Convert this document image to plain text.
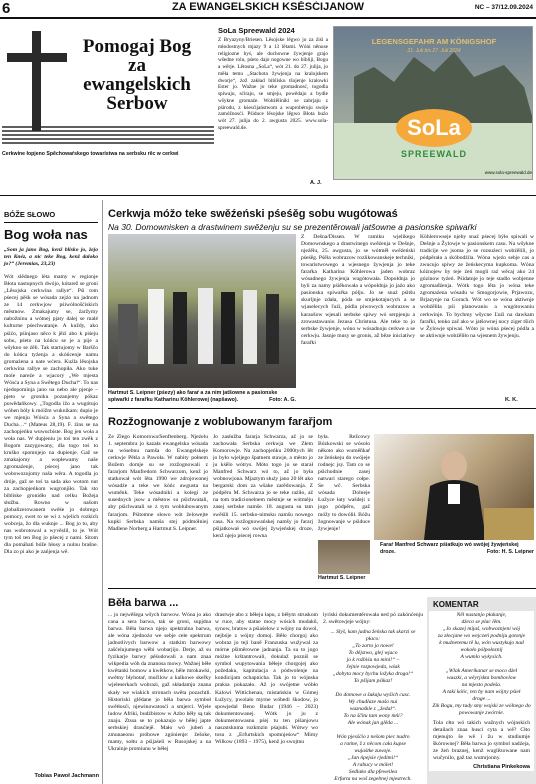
6	ZA EWANGELSKICH KSĚSĆIJANOW	NC – 37/12.09.2024
Pomogaj Bog
za
ewangelskich
Serbow
Cerkwine łopjeno Spěchowaŕskego towaristwa na serbsku rěc w cerkwi
SoLa Spreewald 2024
Z Bryazyny/Briesen. Lěsojske lěgwo jo za źiśi a młodostnych mjazy 9 a 13 lětami. Wóni něnuse religiozne byś, ale duchowne žywjenje grajo wšedne rolu, pśeto dajo nogowne wo bibliji, Bogu a wěrje. Lětosna „SoLa“, wót 21. do 27. julija, jo měła temu „Stachota žywjenja na kralojskem dworje“, źož zakład biblisku tšojenje kralowki Ester jo. Wažne jo teke gromadnosć, togodla spiwaju, sćiraju, se smjeju, powědaju a bydle wšykne gromaźe. Wobźěliniki se zabrjaju z pśirodu, z kśesćijaństwom a wuprobéruju swóje zamóžnosći. Pśiduce lěsojske lěgwo Błota buźo wót 27. julija do 2. awgusta 2025. www.sola-spreewald.de.
A. J.
LEGENSGEFAHR AM KÖNIGSHOF
21. Juli bis 27. Juli 2024
SoLa
SPREEWALD
www.sola-spreewald.de
BÓŽE SŁOWO
Bog woła nas
„Som ja jano Bog, kenž blisko jo, žejo ten Knéz, a nic teke Bog, kenž daloko jo?“ (Jeremias, 23,23)
Wót slědnego léta mamy w regionje Błota nastupnych dwójo, kótarež se groni „Lěsojska cerkwina rallye“. Pśi tom pśecej pěśk se wósada zejźo na jadnom ze 14 cerkwjow pśiwólnošćiskich městnow. Zmakajumy se, źaržymy nabožninu a wótnej pjaty dalej se malé kulturne pśechwatanje. A kuždy, ako pśiźo, pśinjaso něco k jěźi abo k piśeju sobu, pśeto na kóńcu se je a pije a wšykno se źěli. Tak startujomy w Barščo do kóńca tyźenja a skóńcenje namu gromaźena a nate wćera. Kuźla lěsojska cerkwina rallye se zachopiła. Ako tuke mole nareźe a wjacory „We mjesta Wósća a Syna a Swětego Ducha!“. To nas njedopominja jano na nebo ale pjenje – pjeto w groniku pozanjemy pókaz powědaňkowy. „Togodla ižo a wugótujo wóhen bóly k móižm wuknikam: dupio je we mjenju Wósća a Syna a swětego Ducha…“ (Mateus 28,19). F. źins se na zachopjeńku wuwucbiste. Bog jen woła a woła nas. W dupjeniu jo toś ten zwěk z Bogom zazygowany, dla togo toś to kruško spomnjejo na dupienje. Gaž se zmakajomy a wopłewamy naše zgromaźenje, pśecej jano tak wobowozujomy naša wěra. A togodla jo dróje, gaž se toś ta sada ako wotom nut za zachopjeńkom wugronjiło. Tak sto bibliske gronidło nad celku Božeja słužba. Rowno w našom globalizerowanem swěśe jo dobrego pomocy, swet to se wi z wjelich rozkich wobceja, žo dla wuknje ... Bog jo tu, aby nas wobrotowal a wyvěslil, to je. Wót tym toš ten Bog jo pšecej z nami. Sitom dla pomáhati bóže hłosy a nulnu brašne. Dla zo pi ako je zańjenja wě.
Tobias Pawoł Jachmann
Cerkwja móžo teke swěźeński pśeśěg sobu wugótowaś
Na 30. Domownisken a drastwinem swěźenju su se prezentěrowali jatšowne a pasionske spiwaŕki
Hartmut S. Leipner (pśezy) ako faraŕ a za nim jatšowne a pasionske spiwaŕki z farařku Katharinu Köhlerowej (napšawo).	Foto: A. G.
Z Dešna/Dissen. W ramiku wjelikego Domownskego a drastwinego swěźenja w Dešnje, njeźělu, 25. awgusta, jo se wótměł swěźeński pśeśěg. Pśěla wobrazow rozlikowanskeje techniki, towaristwowego a wjesnego žywjenja jo teke faraŕka Katharina Köhlerowa jaden wobraz wósadnego žywjenja wugótowała. Dopołdnja jo byli za namy pśiěkowała a wópołdnja jo jaźo ako pasionska spiwaŕka pólju. Jo se snaź pśitšu skurljnje zdała, póda se smjekotajucych a se wjaselecych ľuźi, pódla piwowych wobrazow a karaošow wjesali serbske spiwy wó serpjenju a zrowastawaniu Jezusa Christusa. Ale teke to jo serbske žywjenje, wóno w wósadnoju cerkwe a se cerkwju. Jasnje musy se gronis, až běze iniciatiwy farařki
Köhlerowseje njeby snaź pśecej býło spiwali w Dešnje a Žylowje w pasionskem casu. Na wšykne tradicije we jsoma jo se rozsuźeci wobźělili, jo pódpěrała a skóbodźila. Wóna wjeźo sebje cas a zwucujo spiwy ze žeńskecyma kupkoma. Wóna kóżnojew by teje źeń mogli raź wěcaj ako 24 gózinow tyźeń. Pśidatnje jo teje stadlo wobjenne zgromađźenja. Wótk togo lěta jo wóna teke zgromaźena wósadu w Smogorjowie, Prjawozu, Brjazynje na Gorach. Wót wo se wóna aktiwnje wobźěliła pśi planowaniu a wugótowaniu cerkwinje. To bychmy wšycne Ľuźi na dawkam farařki, tenko zač ako w jatšownej nocy ziger tšich w Žylowje spiwaś. Wóto jo wóna pśecej pódla a se aktiwnje wobźěliło na wjesnem žywjenju.
K. K.
Rozžognowanje z woblubowanym farařjom
Ze Zlego Komorowa/Senftenberg. Njeźelu 1. septembra jo kazała ewangelska wósada na wósebnu namša do Ewangelskeje cerkwje Pětša a Pawoła. W nabity połnem Božem domje su se rozžognowali z fararjom Manfredom Schwarzom, kenž jo statkował wót lěta 1990 we zdrojowonej wósadźe a teke we kóńc awgusta na wuměnk. Teke wósadniki a kolegi ze susednych jsow a městow su pśichwatali, aby pśichwatali se z tym woblubowanym fararjom. Pśitomne słowo wót želowejte kupki Serbska namša stej pódmółniej Madlene Norberg a Hartmut S. Leipner.
Jo zasłužba fararja Schwarza, až jo se zachowała Serbska cerkwja we Złem Komorowje. Na zachopjeńku 2000tych lět jo było wjeljego špatnem stawje, a město jo ju kśělo wótrys. Móto togo jo se starał Manfred Schwarz wó to, až jo była wobnowjona. Mjaztym służy jano 20 lět ako bergarski dom za wšake zarědowanja. Z pódpěru M. Schwarza jo se teke raźiło, až na tom tradicionelnem městnje se wótměju zasej serbske namše. 18. augusta su tam swěśili 15. serbsko-nimsku namšu nowego casa. Na rozžognowańskej namšy jo fararj pśijatkował wó swójej žywjeńskej droze, kenž njejo pśecej rowna
była. Režcowy Bózkowski se wósolo někoto ako wuměňkaŕ ze žeńskeju do swójeje rodnejc jsy. Tam co se pśichodnie zasej natwari starego cołpe. Se wč. Serbska wósada Dolneje Łužyce łaty wašdeji z jogo pódpěru, gaž móžy to dowólił. Bóžu žognowanje w pśiduce žywjenje!
Hartmut S. Leipner
Faraŕ Manfred Schwarz pśiatkujo wó swójej žywjeńskej droze.	Foto: H. S. Leipner
Běła barwa ...
... jo nejwěšega wšych barwow. Wóna jo ako cana a sera barwa, tak se groni, supjdna barwa. Běła barwa njejo spektralna barwa, ale wóna zjednożo we sebje cełe spektrum jadnotlivych barwow a statkim barwowy zašćelujumego wěbi wobarjijo. Derje, až su fyzikarje barwy pěśudowali a nam znaa wikpedia wóh da znanosa mowy. Wažnej běłe kwětanki bomow a kwětkow, běle mrokawki, swětny błyhotaŕ, mučilow a kalkowe skeřky wjeleserkach wobrazi, gaž składamju znana skały we wiakich stronach swěta pozachtli. Historiski glědane jo běła barwa symboł swětłosći, njewinowatosći a smjerci. Wjele ludow Afriki, budźbistow w Azbo běły są tak znaju. Ztssa se to pokazujo w běłej japte serbskiej drasćiejě. Mało wó jubeń a zmunaeonu próbowe zgónienje: žešoke, mamy, sołtu a pśijaśeli w Rusojskej a na Ukrainje promiunu w běłej
drastwje abo z běłeju łapu, z běłym struskom w ruce, aby statne mocy wósich mudaků, synow, bratow a pśiaśelow z wójny na dowol, nejbóje z wójny domoj. Běło chorgoj ako wobraz jo teji baně Franzuska wužywal za mórne pšiměrowne jadnanja. Ta su to jogo móżne krštantrowali, dokulaž pozniš se symbol wupytowania běłeje chorgojej ako požedaku, kapitulacja a pódwolenje na kondicijam ochapnicha. Tak jo to wójnska praksa pokazało. Až jo swójetne wóbło Kalowi Wittichenau, místańskiu w Gómej Łužycy, pwolało myrne wóbedi škodow, jo spowjedal Beno Budar (1946 – 2023) dokumentowanej. Wótk jo ju z dokumentowasnu pśej tu ten pišanjowu naszstsknma rozkmzin pśajubi. Wótwy wo tosu z „Erfurtskich spomnjeśow“ Mimy Wilkow (1893 – 1975), kenž jo swojtnu
lyriski dokumentěrowała ned pó zakónćenju 2. swětowjeje wójny:
... Slyš, kam jadna žeńska tak skarzi se płaco:
„To zarto jo nowe!
To dějstwo, glej wjaco
jo k roźbiśu na mini!“ –
Jejnie rozpowjeda, wśak
„dobyta mocy bychu ložyka droga!“
To pšijam pśikaz!

Do domowe a šukaju wyšich cusc.
Wy chudlaze mašo nui
wuznaśkle z „žedal“.
To na ščitu tam wony mńi?
Ale wónak jan glěda ...

Wón pjesšćio z nešom piec nudro
a rańne, ž z něcom cała kupse
wujaśtke zuwoje.
„Jan ńpejsie rjedimi!“
A rabucy w mólet!
Sedlako dla pfeweilea
Erfurta na woš zegebnej mjestrech.
KOMENTAR
Něl nastanjo płakanje,
dźeco se plac lěm.
„Jo skazej mijaš, wobwoznjeni wój
za złocjane wo wejczeń podniju gotonje
k muźnetemu tě lu, wón wustykujo nad
wokoło pólpołoznij
A wumlo wykysich.

„Wlak Amerikanar se moco dźel
wuszki, a wěyrjskta bombovlow
na mjesto podeša.
A taki kóńc, ten by nam wójny pśieł
droge ...
Zik Bogu, my tudy smy wojski ze wólnego do powowanje zwórnie.
Tola cłto wó takich wažnych wójnskich detailach znaa husci cyta a wě? Cłto mjenujto še wě i žu w studiumje škórownej? Běła barwa jo symbol nadźeja, ze žeń braznej, kenž wuglězowane nam wučynilo, gaž taz wumrjonny.
Christiana Pinkekowa
